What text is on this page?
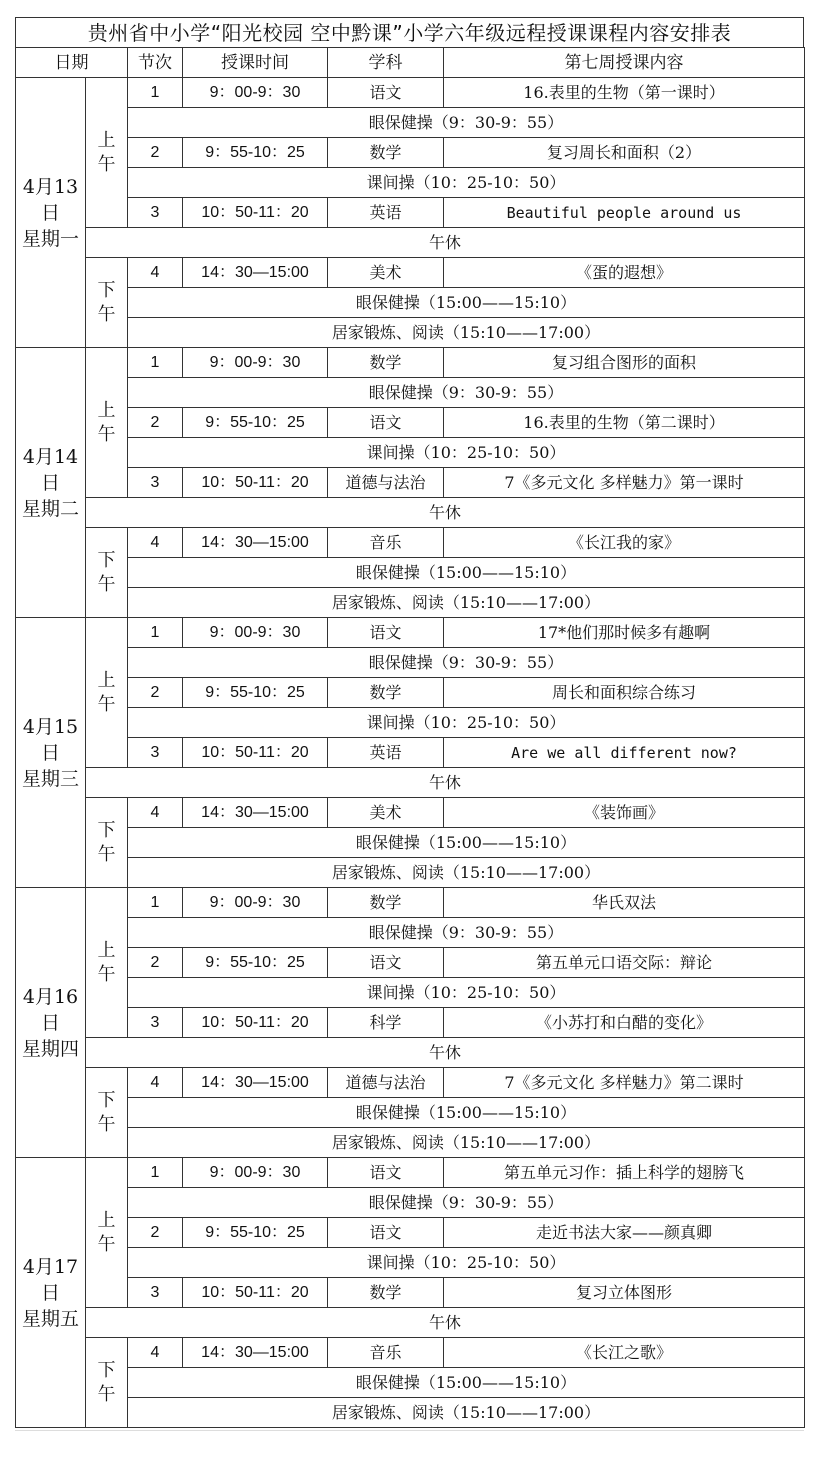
贵州省中小学“阳光校园 空中黔课”小学六年级远程授课课程内容安排表
日期		节次	授课时间	学科	第七周授课内容

4月13
日
星期一	上
午	1	9：00-9：30	语文	16.表里的生物（第一课时）
		眼保健操（9：30-9：55）			
		2	9：55-10：25	数学	复习周长和面积（2）
		课间操（10：25-10：50）			
		3	10：50-11：20	英语	Beautiful people around us
	午休				

	下
午	4	14：30—15:00	美术	《蛋的遐想》
		眼保健操（15:00——15:10）			
		居家锻炼、阅读（15:10——17:00）			

4月14
日
星期二	上
午	1	9：00-9：30	数学	复习组合图形的面积
		眼保健操（9：30-9：55）			
		2	9：55-10：25	语文	16.表里的生物（第二课时）
		课间操（10：25-10：50）			
		3	10：50-11：20	道德与法治	7《多元文化 多样魅力》第一课时
	午休				

	下
午	4	14：30—15:00	音乐	《长江我的家》
		眼保健操（15:00——15:10）			
		居家锻炼、阅读（15:10——17:00）			

4月15
日
星期三	上
午	1	9：00-9：30	语文	17*他们那时候多有趣啊
		眼保健操（9：30-9：55）			
		2	9：55-10：25	数学	周长和面积综合练习
		课间操（10：25-10：50）			
		3	10：50-11：20	英语	Are we all different now?
	午休				

	下
午	4	14：30—15:00	美术	《装饰画》
		眼保健操（15:00——15:10）			
		居家锻炼、阅读（15:10——17:00）			

4月16
日
星期四	上
午	1	9：00-9：30	数学	华氏双法
		眼保健操（9：30-9：55）			
		2	9：55-10：25	语文	第五单元口语交际：辩论
		课间操（10：25-10：50）			
		3	10：50-11：20	科学	《小苏打和白醋的变化》
	午休				

	下
午	4	14：30—15:00	道德与法治	7《多元文化 多样魅力》第二课时
		眼保健操（15:00——15:10）			
		居家锻炼、阅读（15:10——17:00）			

4月17
日
星期五	上
午	1	9：00-9：30	语文	第五单元习作：插上科学的翅膀飞
		眼保健操（9：30-9：55）			
		2	9：55-10：25	语文	走近书法大家——颜真卿
		课间操（10：25-10：50）			
		3	10：50-11：20	数学	复习立体图形
	午休				

	下
午	4	14：30—15:00	音乐	《长江之歌》
		眼保健操（15:00——15:10）			
		居家锻炼、阅读（15:10——17:00）			
